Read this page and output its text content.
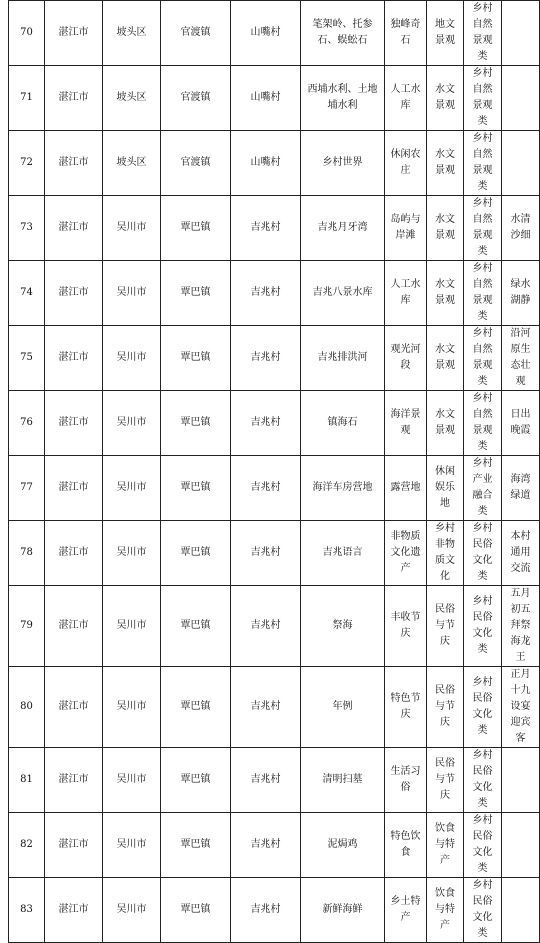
70	湛江市	坡头区	官渡镇	山嘴村	笔架岭、托参石、蜈蚣石	独峰奇石	地文景观	乡村自然景观类	

71	湛江市	坡头区	官渡镇	山嘴村	西埔水利、土地埔水利	人工水库	水文景观	乡村自然景观类	

72	湛江市	坡头区	官渡镇	山嘴村	乡村世界	休闲农庄	水文景观	乡村自然景观类	

73	湛江市	吴川市	覃巴镇	吉兆村	吉兆月牙湾	岛屿与岸滩	水文景观	乡村自然景观类	水清沙细

74	湛江市	吴川市	覃巴镇	吉兆村	吉兆八景水库	人工水库	水文景观	乡村自然景观类	绿水湖静

75	湛江市	吴川市	覃巴镇	吉兆村	吉兆排洪河	观光河段	水文景观	乡村自然景观类	沿河原生态壮观

76	湛江市	吴川市	覃巴镇	吉兆村	镇海石	海洋景观	水文景观	乡村自然景观类	日出晚霞

77	湛江市	吴川市	覃巴镇	吉兆村	海洋车房营地	露营地	休闲娱乐地	乡村产业融合类	海湾绿道

78	湛江市	吴川市	覃巴镇	吉兆村	吉兆语言	非物质文化遗产	乡村非物质文化	乡村民俗文化类	本村通用交流

79	湛江市	吴川市	覃巴镇	吉兆村	祭海	丰收节庆	民俗与节庆	乡村民俗文化类	五月初五拜祭海龙王

80	湛江市	吴川市	覃巴镇	吉兆村	年例	特色节庆	民俗与节庆	乡村民俗文化类	正月十九设宴迎宾客

81	湛江市	吴川市	覃巴镇	吉兆村	清明扫墓	生活习俗	民俗与节庆	乡村民俗文化类	

82	湛江市	吴川市	覃巴镇	吉兆村	泥焗鸡	特色饮食	饮食与特产	乡村民俗文化类	

83	湛江市	吴川市	覃巴镇	吉兆村	新鲜海鲜	乡土特产	饮食与特产	乡村民俗文化类	
